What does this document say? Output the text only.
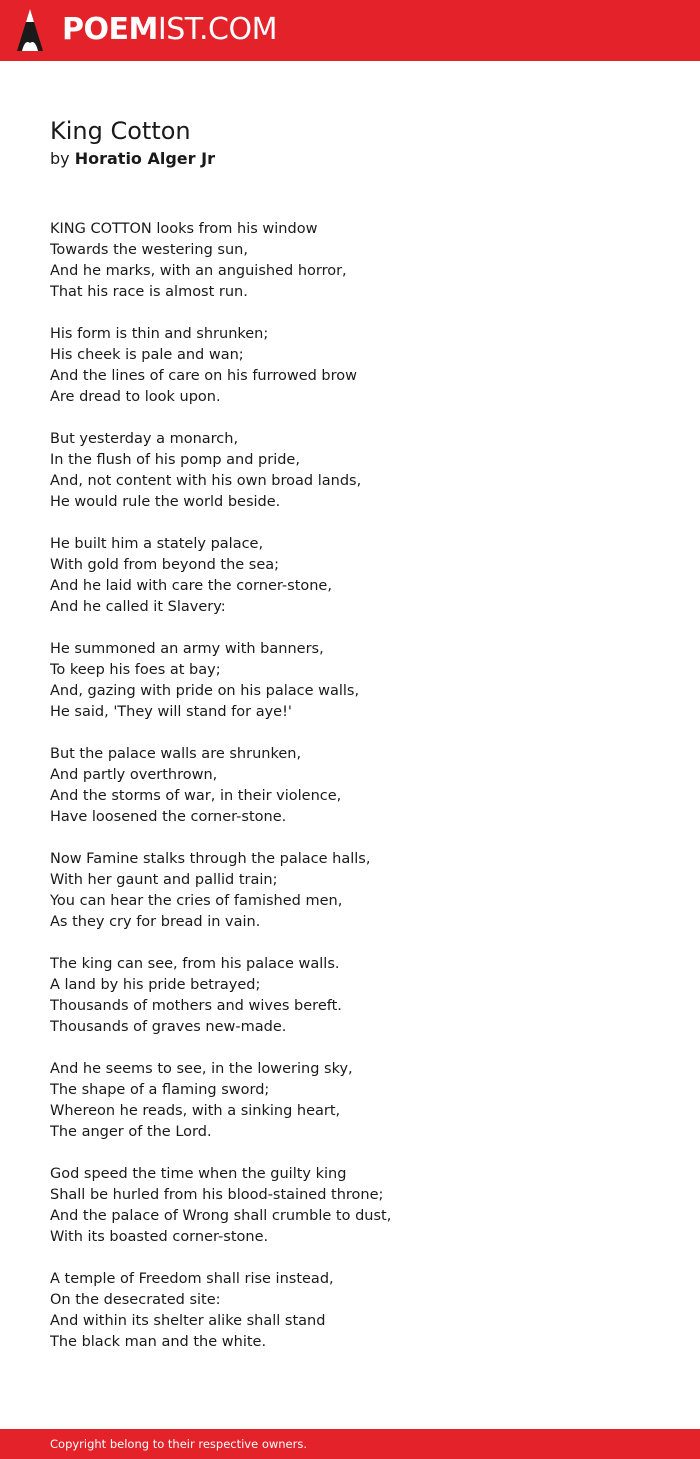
POEMIST.COM
King Cotton
by Horatio Alger Jr
KING COTTON looks from his window
Towards the westering sun,
And he marks, with an anguished horror,
That his race is almost run.
His form is thin and shrunken;
His cheek is pale and wan;
And the lines of care on his furrowed brow
Are dread to look upon.
But yesterday a monarch,
In the flush of his pomp and pride,
And, not content with his own broad lands,
He would rule the world beside.
He built him a stately palace,
With gold from beyond the sea;
And he laid with care the corner-stone,
And he called it Slavery:
He summoned an army with banners,
To keep his foes at bay;
And, gazing with pride on his palace walls,
He said, 'They will stand for aye!'
But the palace walls are shrunken,
And partly overthrown,
And the storms of war, in their violence,
Have loosened the corner-stone.
Now Famine stalks through the palace halls,
With her gaunt and pallid train;
You can hear the cries of famished men,
As they cry for bread in vain.
The king can see, from his palace walls.
A land by his pride betrayed;
Thousands of mothers and wives bereft.
Thousands of graves new-made.
And he seems to see, in the lowering sky,
The shape of a flaming sword;
Whereon he reads, with a sinking heart,
The anger of the Lord.
God speed the time when the guilty king
Shall be hurled from his blood-stained throne;
And the palace of Wrong shall crumble to dust,
With its boasted corner-stone.
A temple of Freedom shall rise instead,
On the desecrated site:
And within its shelter alike shall stand
The black man and the white.
Copyright belong to their respective owners.
